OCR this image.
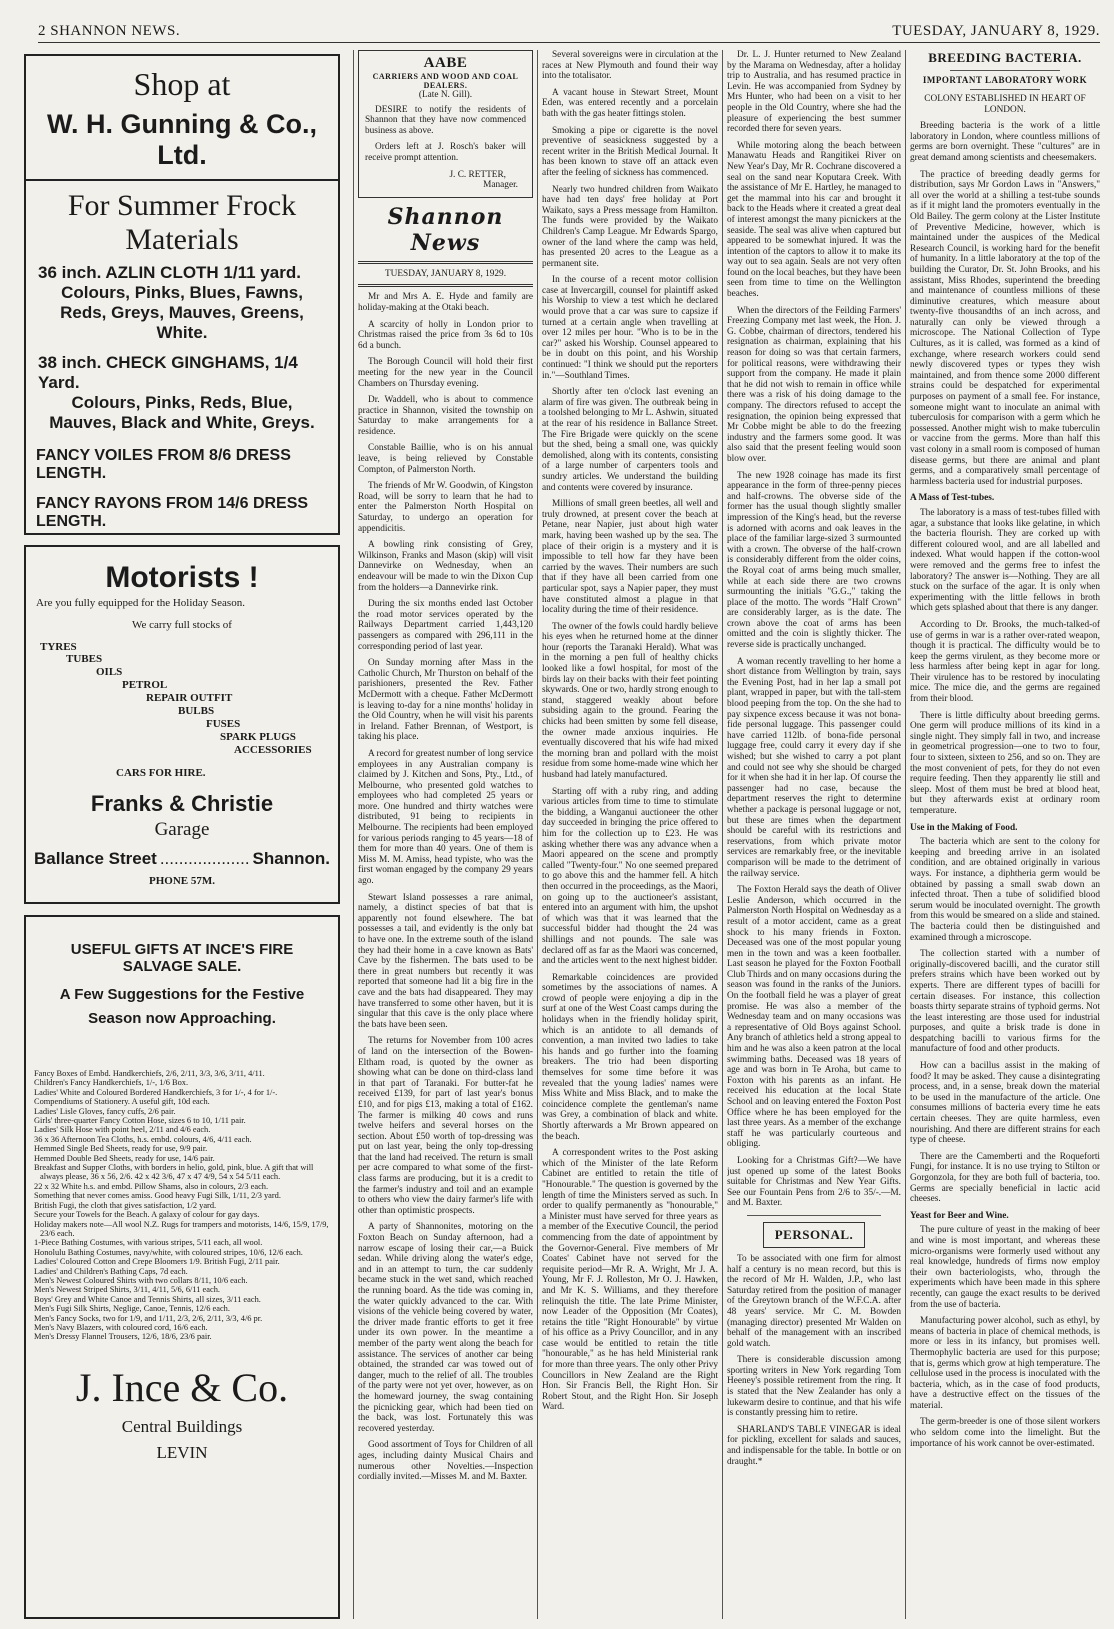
2 SHANNON NEWS.	TUESDAY, JANUARY 8, 1929.
Shop at
W. H. Gunning & Co., Ltd.
For Summer Frock
Materials
36 inch. AZLIN CLOTH 1/11 yard.
Colours, Pinks, Blues, Fawns, Reds, Greys, Mauves, Greens, White.
38 inch. CHECK GINGHAMS, 1/4 Yard.
Colours, Pinks, Reds, Blue, Mauves, Black and White, Greys.
FANCY VOILES FROM 8/6 DRESS LENGTH.
FANCY RAYONS FROM 14/6 DRESS LENGTH.
Motorists !
Are you fully equipped for the Holiday Season.
We carry full stocks of
TYRES
TUBES
OILS
PETROL
REPAIR OUTFIT
BULBS
FUSES
SPARK PLUGS
ACCESSORIES
CARS FOR HIRE.
Franks & Christie
Garage
Ballance Street ................... Shannon.
PHONE 57M.
USEFUL GIFTS AT INCE'S FIRE SALVAGE SALE.
A Few Suggestions for the Festive Season now Approaching.
Fancy Boxes of Embd. Handkerchiefs, 2/6, 2/11, 3/3, 3/6, 3/11, 4/11.
Children's Fancy Handkerchiefs, 1/-, 1/6 Box.
Ladies' White and Coloured Bordered Handkerchiefs, 3 for 1/-, 4 for 1/-.
Compendiums of Stationery. A useful gift, 10d each.
Ladies' Lisle Gloves, fancy cuffs, 2/6 pair.
Girls' three-quarter Fancy Cotton Hose, sizes 6 to 10, 1/11 pair.
Ladies' Silk Hose with point heel, 2/11 and 4/6 each.
36 x 36 Afternoon Tea Cloths, h.s. embd. colours, 4/6, 4/11 each.
Hemmed Single Bed Sheets, ready for use, 9/9 pair.
Hemmed Double Bed Sheets, ready for use, 14/6 pair.
Breakfast and Supper Cloths, with borders in helio, gold, pink, blue. A gift that will always please, 36 x 56, 2/6. 42 x 42 3/6, 47 x 47 4/9, 54 x 54 5/11 each.
22 x 32 White h.s. and embd. Pillow Shams, also in colours, 2/3 each.
Something that never comes amiss. Good heavy Fugi Silk, 1/11, 2/3 yard.
British Fugi, the cloth that gives satisfaction, 1/2 yard.
Secure your Towels for the Beach. A galaxy of colour for gay days.
Holiday makers note—All wool N.Z. Rugs for trampers and motorists, 14/6, 15/9, 17/9, 23/6 each.
1-Piece Bathing Costumes, with various stripes, 5/11 each, all wool.
Honolulu Bathing Costumes, navy/white, with coloured stripes, 10/6, 12/6 each.
Ladies' Coloured Cotton and Crepe Bloomers 1/9. British Fugi, 2/11 pair.
Ladies' and Children's Bathing Caps, 7d each.
Men's Newest Coloured Shirts with two collars 8/11, 10/6 each.
Men's Newest Striped Shirts, 3/11, 4/11, 5/6, 6/11 each.
Boys' Grey and White Canoe and Tennis Shirts, all sizes, 3/11 each.
Men's Fugi Silk Shirts, Neglige, Canoe, Tennis, 12/6 each.
Men's Fancy Socks, two for 1/9, and 1/11, 2/3, 2/6, 2/11, 3/3, 4/6 pr.
Men's Navy Blazers, with coloured cord, 16/6 each.
Men's Dressy Flannel Trousers, 12/6, 18/6, 23/6 pair.
J. Ince & Co.
Central Buildings
LEVIN
AABE
CARRIERS AND WOOD AND COAL DEALERS.
(Late N. Gill).

DESIRE to notify the residents of Shannon that they have now commenced business as above.

Orders left at J. Rosch's baker will receive prompt attention.

J. C. RETTER,
Manager.
Shannon News
TUESDAY, JANUARY 8, 1929.

Mr and Mrs A. E. Hyde and family are holiday-making at the Otaki beach.

A scarcity of holly in London prior to Christmas raised the price from 3s 6d to 10s 6d a bunch.

The Borough Council will hold their first meeting for the new year in the Council Chambers on Thursday evening.

Dr. Waddell, who is about to commence practice in Shannon, visited the township on Saturday to make arrangements for a residence.

Constable Baillie, who is on his annual leave, is being relieved by Constable Compton, of Palmerston North.

The friends of Mr W. Goodwin, of Kingston Road, will be sorry to learn that he had to enter the Palmerston North Hospital on Saturday, to undergo an operation for appendicitis.

A bowling rink consisting of Grey, Wilkinson, Franks and Mason (skip) will visit Dannevirke on Wednesday, when an endeavour will be made to win the Dixon Cup from the holders—a Dannevirke rink.

During the six months ended last October the road motor services operated by the Railways Department carried 1,443,120 passengers as compared with 296,111 in the corresponding period of last year.

On Sunday morning after Mass in the Catholic Church, Mr Thurston on behalf of the parishioners, presented the Rev. Father McDermott with a cheque. Father McDermott is leaving to-day for a nine months' holiday in the Old Country, when he will visit his parents in Ireland. Father Brennan, of Westport, is taking his place.

A record for greatest number of long service employees in any Australian company is claimed by J. Kitchen and Sons, Pty., Ltd., of Melbourne, who presented gold watches to employees who had completed 25 years or more. One hundred and thirty watches were distributed, 91 being to recipients in Melbourne. The recipients had been employed for various periods ranging to 45 years—18 of them for more than 40 years. One of them is Miss M. M. Amiss, head typiste, who was the first woman engaged by the company 29 years ago.

Stewart Island possesses a rare animal, namely, a distinct species of bat that is apparently not found elsewhere. The bat possesses a tail, and evidently is the only bat to have one. In the extreme south of the island they had their home in a cave known as Bats' Cave by the fishermen. The bats used to be there in great numbers but recently it was reported that someone had lit a big fire in the cave and the bats had disappeared. They may have transferred to some other haven, but it is singular that this cave is the only place where the bats have been seen.

The returns for November from 100 acres of land on the intersection of the Bowen-Eltham road, is quoted by the owner as showing what can be done on third-class land in that part of Taranaki. For butter-fat he received £139, for part of last year's bonus £10, and for pigs £13, making a total of £162. The farmer is milking 40 cows and runs twelve heifers and several horses on the section. About £50 worth of top-dressing was put on last year, being the only top-dressing that the land had received. The return is small per acre compared to what some of the first-class farms are producing, but it is a credit to the farmer's industry and toil and an example to others who view the dairy farmer's life with other than optimistic prospects.

A party of Shannonites, motoring on the Foxton Beach on Sunday afternoon, had a narrow escape of losing their car,—a Buick sedan. While driving along the water's edge, and in an attempt to turn, the car suddenly became stuck in the wet sand, which reached the running board. As the tide was coming in, the water quickly advanced to the car. With visions of the vehicle being covered by water, the driver made frantic efforts to get it free under its own power. In the meantime a member of the party went along the beach for assistance. The services of another car being obtained, the stranded car was towed out of danger, much to the relief of all. The troubles of the party were not yet over, however, as on the homeward journey, the swag containing the picnicking gear, which had been tied on the back, was lost. Fortunately this was recovered yesterday.

Good assortment of Toys for Children of all ages, including dainty Musical Chairs and numerous other Novelties.—Inspection cordially invited.—Misses M. and M. Baxter.

Several sovereigns were in circulation at the races at New Plymouth and found their way into the totalisator.

A vacant house in Stewart Street, Mount Eden, was entered recently and a porcelain bath with the gas heater fittings stolen.

Smoking a pipe or cigarette is the novel preventive of seasickness suggested by a recent writer in the British Medical Journal. It has been known to stave off an attack even after the feeling of sickness has commenced.

Nearly two hundred children from Waikato have had ten days' free holiday at Port Waikato, says a Press message from Hamilton. The funds were provided by the Waikato Children's Camp League. Mr Edwards Spargo, owner of the land where the camp was held, has presented 20 acres to the League as a permanent site.

In the course of a recent motor collision case at Invercargill, counsel for plaintiff asked his Worship to view a test which he declared would prove that a car was sure to capsize if turned at a certain angle when travelling at over 12 miles per hour. "Who is to be in the car?" asked his Worship. Counsel appeared to be in doubt on this point, and his Worship continued: "I think we should put the reporters in."—Southland Times.

Shortly after ten o'clock last evening an alarm of fire was given. The outbreak being in a toolshed belonging to Mr L. Ashwin, situated at the rear of his residence in Ballance Street. The Fire Brigade were quickly on the scene but the shed, being a small one, was quickly demolished, along with its contents, consisting of a large number of carpenters tools and sundry articles. We understand the building and contents were covered by insurance.

Millions of small green beetles, all well and truly drowned, at present cover the beach at Petane, near Napier, just about high water mark, having been washed up by the sea. The place of their origin is a mystery and it is impossible to tell how far they have been carried by the waves. Their numbers are such that if they have all been carried from one particular spot, says a Napier paper, they must have constituted almost a plague in that locality during the time of their residence.

The owner of the fowls could hardly believe his eyes when he returned home at the dinner hour (reports the Taranaki Herald). What was in the morning a pen full of healthy chicks looked like a fowl hospital, for most of the birds lay on their backs with their feet pointing skywards. One or two, hardly strong enough to stand, staggered weakly about before subsiding again to the ground. Fearing the chicks had been smitten by some fell disease, the owner made anxious inquiries. He eventually discovered that his wife had mixed the morning bran and pollard with the moist residue from some home-made wine which her husband had lately manufactured.

Starting off with a ruby ring, and adding various articles from time to time to stimulate the bidding, a Wanganui auctioneer the other day succeeded in bringing the price offered to him for the collection up to £23. He was asking whether there was any advance when a Maori appeared on the scene and promptly called "Twenty-four." No one seemed prepared to go above this and the hammer fell. A hitch then occurred in the proceedings, as the Maori, on going up to the auctioneer's assistant, entered into an argument with him, the upshot of which was that it was learned that the successful bidder had thought the 24 was shillings and not pounds. The sale was declared off as far as the Maori was concerned, and the articles went to the next highest bidder.

Remarkable coincidences are provided sometimes by the associations of names. A crowd of people were enjoying a dip in the surf at one of the West Coast camps during the holidays when in the friendly holiday spirit, which is an antidote to all demands of convention, a man invited two ladies to take his hands and go further into the foaming breakers. The trio had been disporting themselves for some time before it was revealed that the young ladies' names were Miss White and Miss Black, and to make the coincidence complete the gentleman's name was Grey, a combination of black and white. Shortly afterwards a Mr Brown appeared on the beach.

A correspondent writes to the Post asking which of the Minister of the late Reform Cabinet are entitled to retain the title of "Honourable." The question is governed by the length of time the Ministers served as such. In order to qualify permanently as "honourable," a Minister must have served for three years as a member of the Executive Council, the period commencing from the date of appointment by the Governor-General. Five members of Mr Coates' Cabinet have not served for the requisite period—Mr R. A. Wright, Mr J. A. Young, Mr F. J. Rolleston, Mr O. J. Hawken, and Mr K. S. Williams, and they therefore relinquish the title. The late Prime Minister, now Leader of the Opposition (Mr Coates), retains the title "Right Honourable" by virtue of his office as a Privy Councillor, and in any case would be entitled to retain the title "honourable," as he has held Ministerial rank for more than three years. The only other Privy Councillors in New Zealand are the Right Hon. Sir Francis Bell, the Right Hon. Sir Robert Stout, and the Right Hon. Sir Joseph Ward.

Dr. L. J. Hunter returned to New Zealand by the Marama on Wednesday, after a holiday trip to Australia, and has resumed practice in Levin. He was accompanied from Sydney by Mrs Hunter, who had been on a visit to her people in the Old Country, where she had the pleasure of experiencing the best summer recorded there for seven years.

While motoring along the beach between Manawatu Heads and Rangitikei River on New Year's Day, Mr R. Cochrane discovered a seal on the sand near Koputara Creek. With the assistance of Mr E. Hartley, he managed to get the mammal into his car and brought it back to the Heads where it created a great deal of interest amongst the many picnickers at the seaside. The seal was alive when captured but appeared to be somewhat injured. It was the intention of the captors to allow it to make its way out to sea again. Seals are not very often found on the local beaches, but they have been seen from time to time on the Wellington beaches.

When the directors of the Feilding Farmers' Freezing Company met last week, the Hon. J. G. Cobbe, chairman of directors, tendered his resignation as chairman, explaining that his reason for doing so was that certain farmers, for political reasons, were withdrawing their support from the company. He made it plain that he did not wish to remain in office while there was a risk of his doing damage to the company. The directors refused to accept the resignation, the opinion being expressed that Mr Cobbe might be able to do the freezing industry and the farmers some good. It was also said that the present feeling would soon blow over.

The new 1928 coinage has made its first appearance in the form of three-penny pieces and half-crowns. The obverse side of the former has the usual though slightly smaller impression of the King's head, but the reverse is adorned with acorns and oak leaves in the place of the familiar large-sized 3 surmounted with a crown. The obverse of the half-crown is considerably different from the older coins, the Royal coat of arms being much smaller, while at each side there are two crowns surmounting the initials "G.G.," taking the place of the motto. The words "Half Crown" are considerably larger, as is the date. The crown above the coat of arms has been omitted and the coin is slightly thicker. The reverse side is practically unchanged.

A woman recently travelling to her home a short distance from Wellington by train, says the Evening Post, had in her lap a small pot plant, wrapped in paper, but with the tall-stem blood peeping from the top. On the she had to pay sixpence excess because it was not bona-fide personal luggage. This passenger could have carried 112lb. of bona-fide personal luggage free, could carry it every day if she wished; but she wished to carry a pot plant and could not see why she should be charged for it when she had it in her lap. Of course the passenger had no case, because the department reserves the right to determine whether a package is personal luggage or not, but these are times when the department should be careful with its restrictions and reservations, from which private motor services are remarkably free, or the inevitable comparison will be made to the detriment of the railway service.

The Foxton Herald says the death of Oliver Leslie Anderson, which occurred in the Palmerston North Hospital on Wednesday as a result of a motor accident, came as a great shock to his many friends in Foxton. Deceased was one of the most popular young men in the town and was a keen footballer. Last season he played for the Foxton Football Club Thirds and on many occasions during the season was found in the ranks of the Juniors. On the football field he was a player of great promise. He was also a member of the Wednesday team and on many occasions was a representative of Old Boys against School. Any branch of athletics held a strong appeal to him and he was also a keen patron at the local swimming baths. Deceased was 18 years of age and was born in Te Aroha, but came to Foxton with his parents as an infant. He received his education at the local State School and on leaving entered the Foxton Post Office where he has been employed for the last three years. As a member of the exchange staff he was particularly courteous and obliging.

Looking for a Christmas Gift?—We have just opened up some of the latest Books suitable for Christmas and New Year Gifts. See our Fountain Pens from 2/6 to 35/-.—M. and M. Baxter.

PERSONAL.

To be associated with one firm for almost half a century is no mean record, but this is the record of Mr H. Walden, J.P., who last Saturday retired from the position of manager of the Greytown branch of the W.F.C.A. after 48 years' service. Mr C. M. Bowden (managing director) presented Mr Walden on behalf of the management with an inscribed gold watch.

There is considerable discussion among sporting writers in New York regarding Tom Heeney's possible retirement from the ring. It is stated that the New Zealander has only a lukewarm desire to continue, and that his wife is constantly pressing him to retire.

SHARLAND'S TABLE VINEGAR is ideal for pickling, excellent for salads and sauces, and indispensable for the table. In bottle or on draught.*

BREEDING BACTERIA.
IMPORTANT LABORATORY WORK
COLONY ESTABLISHED IN HEART OF LONDON.

Breeding bacteria is the work of a little laboratory in London, where countless millions of germs are born overnight. These "cultures" are in great demand among scientists and cheesemakers.

The practice of breeding deadly germs for distribution, says Mr Gordon Laws in "Answers," all over the world at a shilling a test-tube sounds as if it might land the promoters eventually in the Old Bailey. The germ colony at the Lister Institute of Preventive Medicine, however, which is maintained under the auspices of the Medical Research Council, is working hard for the benefit of humanity. In a little laboratory at the top of the building the Curator, Dr. St. John Brooks, and his assistant, Miss Rhodes, superintend the breeding and maintenance of countless millions of these diminutive creatures, which measure about twenty-five thousandths of an inch across, and naturally can only be viewed through a microscope. The National Collection of Type Cultures, as it is called, was formed as a kind of exchange, where research workers could send newly discovered types or types they wish maintained, and from thence some 2000 different strains could be despatched for experimental purposes on payment of a small fee. For instance, someone might want to inoculate an animal with tuberculosis for comparison with a germ which he possessed. Another might wish to make tuberculin or vaccine from the germs. More than half this vast colony in a small room is composed of human disease germs, but there are animal and plant germs, and a comparatively small percentage of harmless bacteria used for industrial purposes.

A Mass of Test-tubes.

The laboratory is a mass of test-tubes filled with agar, a substance that looks like gelatine, in which the bacteria flourish. They are corked up with different coloured wool, and are all labelled and indexed. What would happen if the cotton-wool were removed and the germs free to infest the laboratory? The answer is—Nothing. They are all stuck on the surface of the agar. It is only when experimenting with the little fellows in broth which gets splashed about that there is any danger.

According to Dr. Brooks, the much-talked-of use of germs in war is a rather over-rated weapon, though it is practical. The difficulty would be to keep the germs virulent, as they become more or less harmless after being kept in agar for long. Their virulence has to be restored by inoculating mice. The mice die, and the germs are regained from their blood.

There is little difficulty about breeding germs. One germ will produce millions of its kind in a single night. They simply fall in two, and increase in geometrical progression—one to two to four, four to sixteen, sixteen to 256, and so on. They are the most convenient of pets, for they do not even require feeding. Then they apparently lie still and sleep. Most of them must be bred at blood heat, but they afterwards exist at ordinary room temperature.

Use in the Making of Food.

The bacteria which are sent to the colony for keeping and breeding arrive in an isolated condition, and are obtained originally in various ways. For instance, a diphtheria germ would be obtained by passing a small swab down an infected throat. Then a tube of solidified blood serum would be inoculated overnight. The growth from this would be smeared on a slide and stained. The bacteria could then be distinguished and examined through a microscope.

The collection started with a number of originally-discovered bacilli, and the curator still prefers strains which have been worked out by experts. There are different types of bacilli for certain diseases. For instance, this collection boasts thirty separate strains of typhoid germs. Not the least interesting are those used for industrial purposes, and quite a brisk trade is done in despatching bacilli to various firms for the manufacture of food and other products.

How can a bacillus assist in the making of food? It may be asked. They cause a disintegrating process, and, in a sense, break down the material to be used in the manufacture of the article. One consumes millions of bacteria every time he eats certain cheeses. They are quite harmless, even nourishing. And there are different strains for each type of cheese.

There are the Camemberti and the Roqueforti Fungi, for instance. It is no use trying to Stilton or Gorgonzola, for they are both full of bacteria, too. Germs are specially beneficial in lactic acid cheeses.

Yeast for Beer and Wine.

The pure culture of yeast in the making of beer and wine is most important, and whereas these micro-organisms were formerly used without any real knowledge, hundreds of firms now employ their own bacteriologists, who, through the experiments which have been made in this sphere recently, can gauge the exact results to be derived from the use of bacteria.

Manufacturing power alcohol, such as ethyl, by means of bacteria in place of chemical methods, is more or less in its infancy, but promises well. Thermophylic bacteria are used for this purpose; that is, germs which grow at high temperature. The cellulose used in the process is inoculated with the bacteria, which, as in the case of food products, have a destructive effect on the tissues of the material.

The germ-breeder is one of those silent workers who seldom come into the limelight. But the importance of his work cannot be over-estimated.
